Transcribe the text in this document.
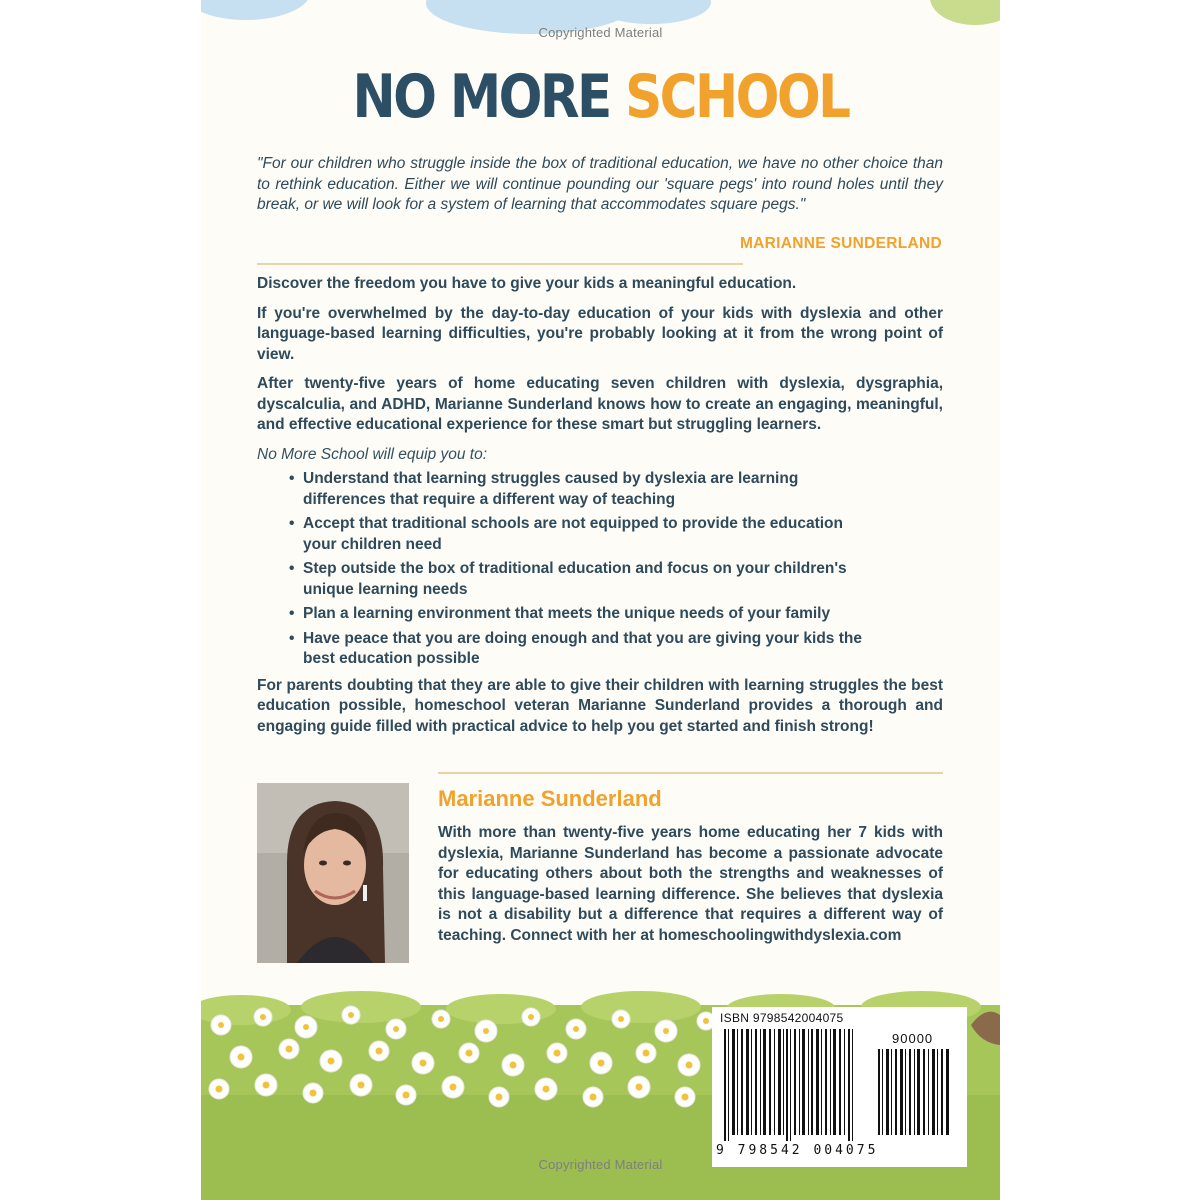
Copyrighted Material
NO MORE SCHOOL
"For our children who struggle inside the box of traditional education, we have no other choice than to rethink education. Either we will continue pounding our 'square pegs' into round holes until they break, or we will look for a system of learning that accommodates square pegs."
MARIANNE SUNDERLAND

Discover the freedom you have to give your kids a meaningful education.

If you're overwhelmed by the day-to-day education of your kids with dyslexia and other language-based learning difficulties, you're probably looking at it from the wrong point of view.

After twenty-five years of home educating seven children with dyslexia, dysgraphia, dyscalculia, and ADHD, Marianne Sunderland knows how to create an engaging, meaningful, and effective educational experience for these smart but struggling learners.

No More School will equip you to:

• Understand that learning struggles caused by dyslexia are learning differences that require a different way of teaching
• Accept that traditional schools are not equipped to provide the education your children need
• Step outside the box of traditional education and focus on your children's unique learning needs
• Plan a learning environment that meets the unique needs of your family
• Have peace that you are doing enough and that you are giving your kids the best education possible

For parents doubting that they are able to give their children with learning struggles the best education possible, homeschool veteran Marianne Sunderland provides a thorough and engaging guide filled with practical advice to help you get started and finish strong!

Marianne Sunderland
With more than twenty-five years home educating her 7 kids with dyslexia, Marianne Sunderland has become a passionate advocate for educating others about both the strengths and weaknesses of this language-based learning difference. She believes that dyslexia is not a disability but a difference that requires a different way of teaching. Connect with her at homeschoolingwithdyslexia.com
Copyrighted Material
ISBN 9798542004075
90000
9 798542 004075
